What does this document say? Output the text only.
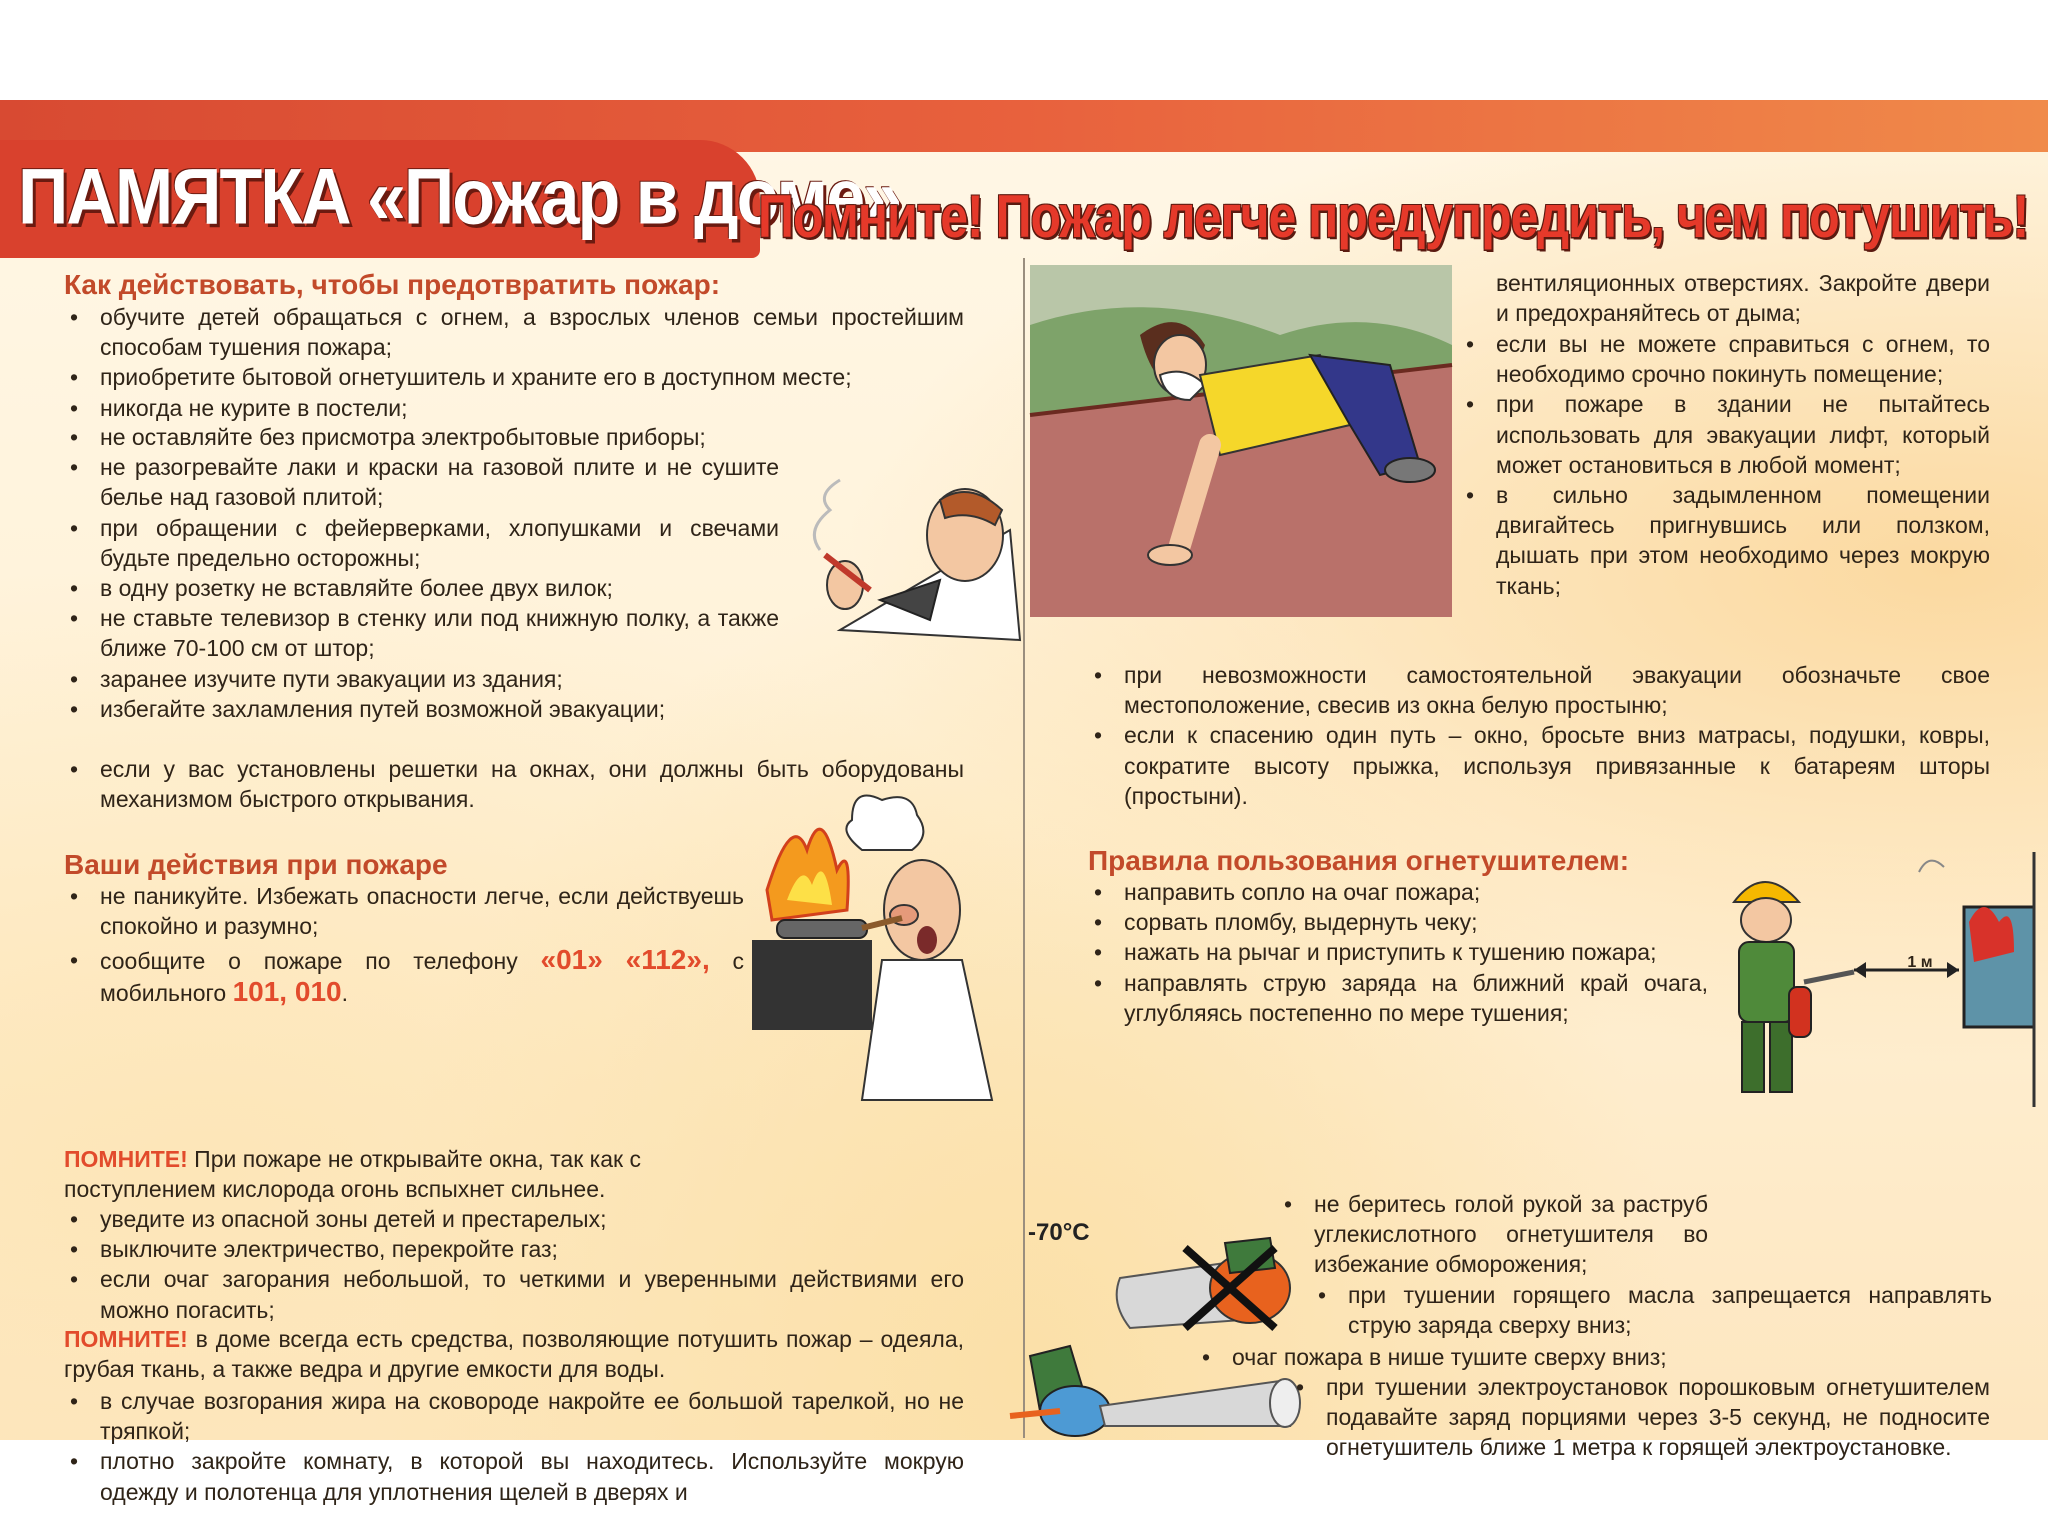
ПАМЯТКА «Пожар в доме»
Помните! Пожар легче предупредить, чем потушить!
Как действовать, чтобы предотвратить пожар:
• обучите детей обращаться с огнем, а взрослых членов семьи простейшим способам тушения пожара;
• приобретите бытовой огнетушитель и храните его в доступном месте;
• никогда не курите в постели;
• не оставляйте без присмотра электробытовые приборы;
• не разогревайте лаки и краски на газовой плите и не сушите белье над газовой плитой;
• при обращении с фейерверками, хлопушками и свечами будьте предельно осторожны;
• в одну розетку не вставляйте более двух вилок;
• не ставьте телевизор в стенку или под книжную полку, а также ближе 70-100 см от штор;
• заранее изучите пути эвакуации из здания;
• избегайте захламления путей возможной эвакуации;
• если у вас установлены решетки на окнах, они должны быть оборудованы механизмом быстрого открывания.
Ваши действия при пожаре
• не паникуйте. Избежать опасности легче, если действуешь спокойно и разумно;
• сообщите о пожаре по телефону «01» «112», с мобильного 101, 010.
ПОМНИТЕ! При пожаре не открывайте окна, так как с поступлением кислорода огонь вспыхнет сильнее.
• уведите из опасной зоны детей и престарелых;
• выключите электричество, перекройте газ;
• если очаг загорания небольшой, то четкими и уверенными действиями его можно погасить;
ПОМНИТЕ! в доме всегда есть средства, позволяющие потушить пожар – одеяла, грубая ткань, а также ведра и другие емкости для воды.
• в случае возгорания жира на сковороде накройте ее большой тарелкой, но не тряпкой;
• плотно закройте комнату, в которой вы находитесь. Используйте мокрую одежду и полотенца для уплотнения щелей в дверях и
вентиляционных отверстиях. Закройте двери и предохраняйтесь от дыма;
• если вы не можете справиться с огнем, то необходимо срочно покинуть помещение;
• при пожаре в здании не пытайтесь использовать для эвакуации лифт, который может остановиться в любой момент;
• в сильно задымленном помещении двигайтесь пригнувшись или ползком, дышать при этом необходимо через мокрую ткань;
• при невозможности самостоятельной эвакуации обозначьте свое местоположение, свесив из окна белую простыню;
• если к спасению один путь – окно, бросьте вниз матрасы, подушки, ковры, сократите высоту прыжка, используя привязанные к батареям шторы (простыни).
Правила пользования огнетушителем:
• направить сопло на очаг пожара;
• сорвать пломбу, выдернуть чеку;
• нажать на рычаг и приступить к тушению пожара;
• направлять струю заряда на ближний край очага, углубляясь постепенно по мере тушения;
1 м
-70°C
• не беритесь голой рукой за раструб углекислотного огнетушителя во избежание обморожения;
• при тушении горящего масла запрещается направлять струю заряда сверху вниз;
• очаг пожара в нише тушите сверху вниз;
• при тушении электроустановок порошковым огнетушителем подавайте заряд порциями через 3-5 секунд, не подносите огнетушитель ближе 1 метра к горящей электроустановке.
